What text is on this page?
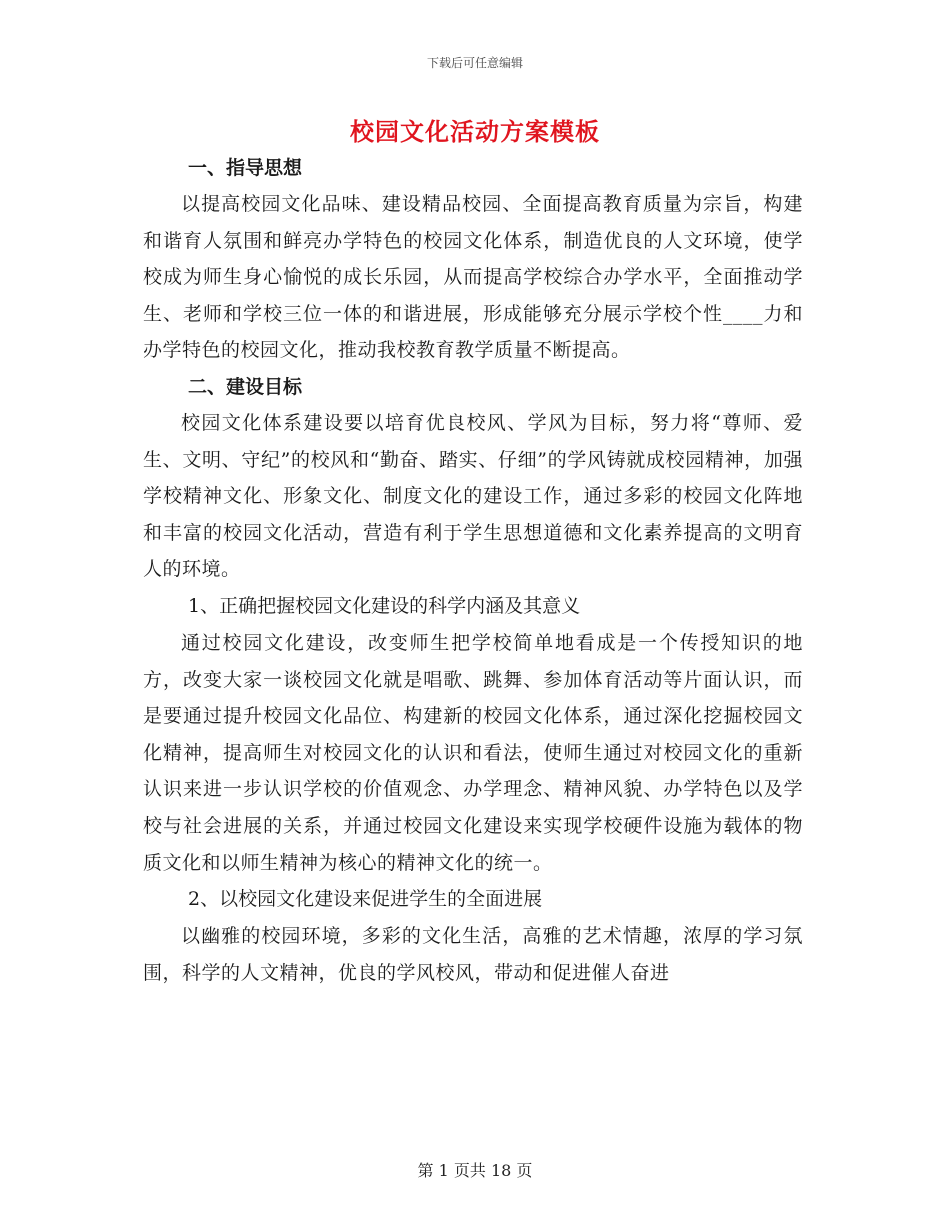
下载后可任意编辑
校园文化活动方案模板

一、指导思想

以提高校园文化品味、建设精品校园、全面提高教育质量为宗旨，构建和谐育人氛围和鲜亮办学特色的校园文化体系，制造优良的人文环境，使学校成为师生身心愉悦的成长乐园，从而提高学校综合办学水平，全面推动学生、老师和学校三位一体的和谐进展，形成能够充分展示学校个性____力和办学特色的校园文化，推动我校教育教学质量不断提高。

二、建设目标

校园文化体系建设要以培育优良校风、学风为目标，努力将“尊师、爱生、文明、守纪”的校风和“勤奋、踏实、仔细”的学风铸就成校园精神，加强学校精神文化、形象文化、制度文化的建设工作，通过多彩的校园文化阵地和丰富的校园文化活动，营造有利于学生思想道德和文化素养提高的文明育人的环境。

1、正确把握校园文化建设的科学内涵及其意义

通过校园文化建设，改变师生把学校简单地看成是一个传授知识的地方，改变大家一谈校园文化就是唱歌、跳舞、参加体育活动等片面认识，而是要通过提升校园文化品位、构建新的校园文化体系，通过深化挖掘校园文化精神，提高师生对校园文化的认识和看法，使师生通过对校园文化的重新认识来进一步认识学校的价值观念、办学理念、精神风貌、办学特色以及学校与社会进展的关系，并通过校园文化建设来实现学校硬件设施为载体的物质文化和以师生精神为核心的精神文化的统一。

2、以校园文化建设来促进学生的全面进展

以幽雅的校园环境，多彩的文化生活，高雅的艺术情趣，浓厚的学习氛围，科学的人文精神，优良的学风校风，带动和促进催人奋进

第 1 页共 18 页
